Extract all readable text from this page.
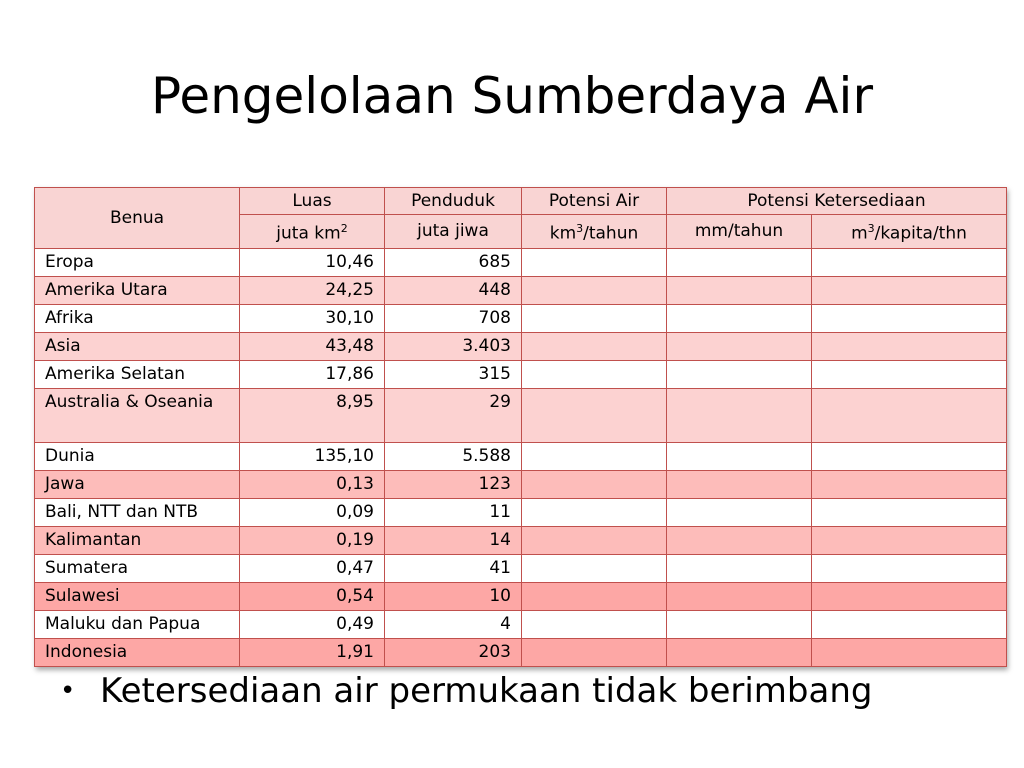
Pengelolaan Sumberdaya Air
Benua	Luas	Penduduk	Potensi Air	Potensi Ketersediaan	
	juta $km^2$	juta jiwa	$km^3$/tahun	mm/tahun	$m^3/kapita$/thn
Eropa	10,46	685			
Amerika Utara	24,25	448			
Afrika	30,10	708			
Asia	43,48	3.403			
Amerika Selatan	17,86	315			
Australia & Oseania	8,95	29			
Dunia	135,10	5.588			
Jawa	0,13	123			
Bali, NTT dan NTB	0,09	11			
Kalimantan	0,19	14			
Sumatera	0,47	41			
Sulawesi	0,54	10			
Maluku dan Papua	0,49	4			
Indonesia	1,91	203			
• Ketersediaan air permukaan tidak berimbang
